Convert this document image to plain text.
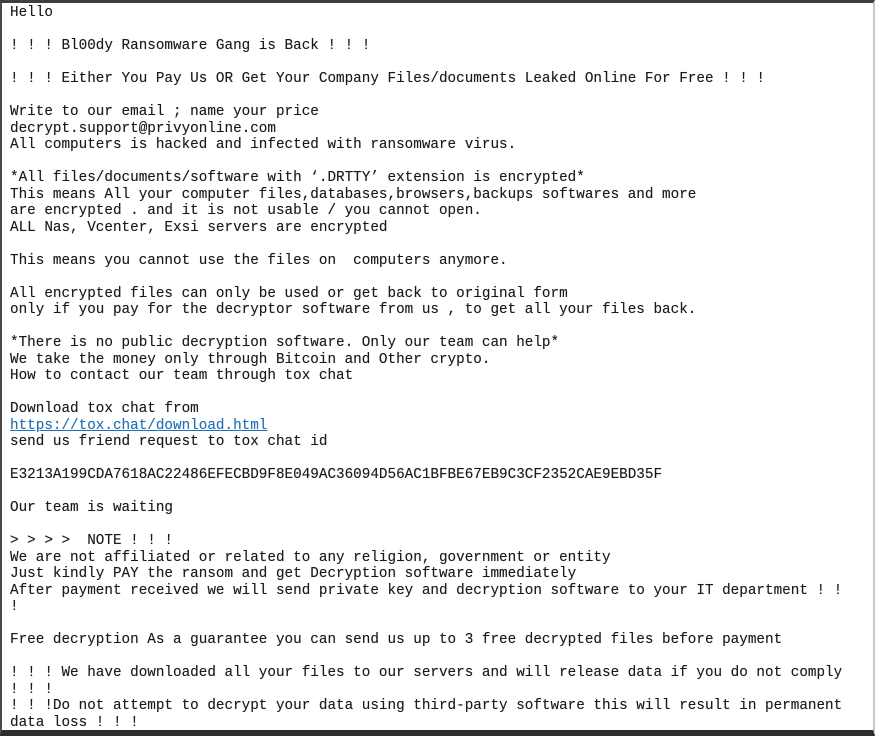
Hello
! ! ! Bl00dy Ransomware Gang is Back ! ! !
! ! ! Either You Pay Us OR Get Your Company Files/documents Leaked Online For Free ! ! !
Write to our email ; name your price
decrypt.support@privyonline.com
All computers is hacked and infected with ransomware virus.
*All files/documents/software with ‘.DRTTY’ extension is encrypted*
This means All your computer files,databases,browsers,backups softwares and more
are encrypted . and it is not usable / you cannot open.
ALL Nas, Vcenter, Exsi servers are encrypted
This means you cannot use the files on  computers anymore.
All encrypted files can only be used or get back to original form
only if you pay for the decryptor software from us , to get all your files back.
*There is no public decryption software. Only our team can help*
We take the money only through Bitcoin and Other crypto.
How to contact our team through tox chat
Download tox chat from
https://tox.chat/download.html
send us friend request to tox chat id
E3213A199CDA7618AC22486EFECBD9F8E049AC36094D56AC1BFBE67EB9C3CF2352CAE9EBD35F
Our team is waiting
> > > >  NOTE ! ! !
We are not affiliated or related to any religion, government or entity
Just kindly PAY the ransom and get Decryption software immediately
After payment received we will send private key and decryption software to your IT department ! !
!
Free decryption As a guarantee you can send us up to 3 free decrypted files before payment
! ! ! We have downloaded all your files to our servers and will release data if you do not comply
! ! !
! ! !Do not attempt to decrypt your data using third-party software this will result in permanent
data loss ! ! !
